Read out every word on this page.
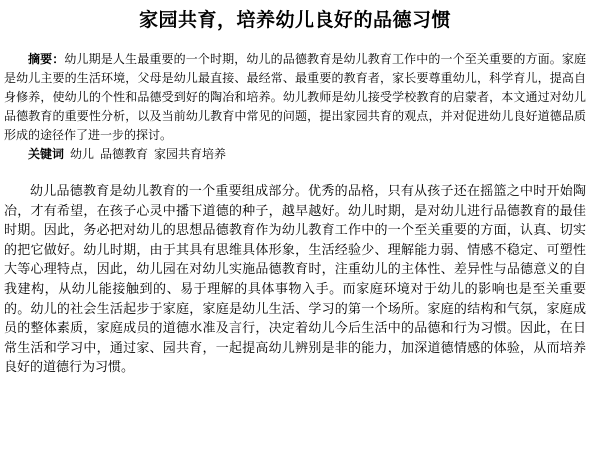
家园共育，培养幼儿良好的品德习惯

摘要：幼儿期是人生最重要的一个时期，幼儿的品德教育是幼儿教育工作中的一个至关重要的方面。家庭是幼儿主要的生活环境，父母是幼儿最直接、最经常、最重要的教育者，家长要尊重幼儿，科学育儿，提高自身修养，使幼儿的个性和品德受到好的陶冶和培养。幼儿教师是幼儿接受学校教育的启蒙者，本文通过对幼儿品德教育的重要性分析，以及当前幼儿教育中常见的问题，提出家园共育的观点，并对促进幼儿良好道德品质形成的途径作了进一步的探讨。

关键词 幼儿 品德教育 家园共育培养

幼儿品德教育是幼儿教育的一个重要组成部分。优秀的品格，只有从孩子还在摇篮之中时开始陶冶，才有希望，在孩子心灵中播下道德的种子，越早越好。幼儿时期，是对幼儿进行品德教育的最佳时期。因此，务必把对幼儿的思想品德教育作为幼儿教育工作中的一个至关重要的方面，认真、切实的把它做好。幼儿时期，由于其具有思维具体形象，生活经验少、理解能力弱、情感不稳定、可塑性大等心理特点，因此，幼儿园在对幼儿实施品德教育时，注重幼儿的主体性、差异性与品德意义的自我建构，从幼儿能接触到的、易于理解的具体事物入手。而家庭环境对于幼儿的影响也是至关重要的。幼儿的社会生活起步于家庭，家庭是幼儿生活、学习的第一个场所。家庭的结构和气氛，家庭成员的整体素质，家庭成员的道德水准及言行，决定着幼儿今后生活中的品德和行为习惯。因此，在日常生活和学习中，通过家、园共育，一起提高幼儿辨别是非的能力，加深道德情感的体验，从而培养良好的道德行为习惯。
